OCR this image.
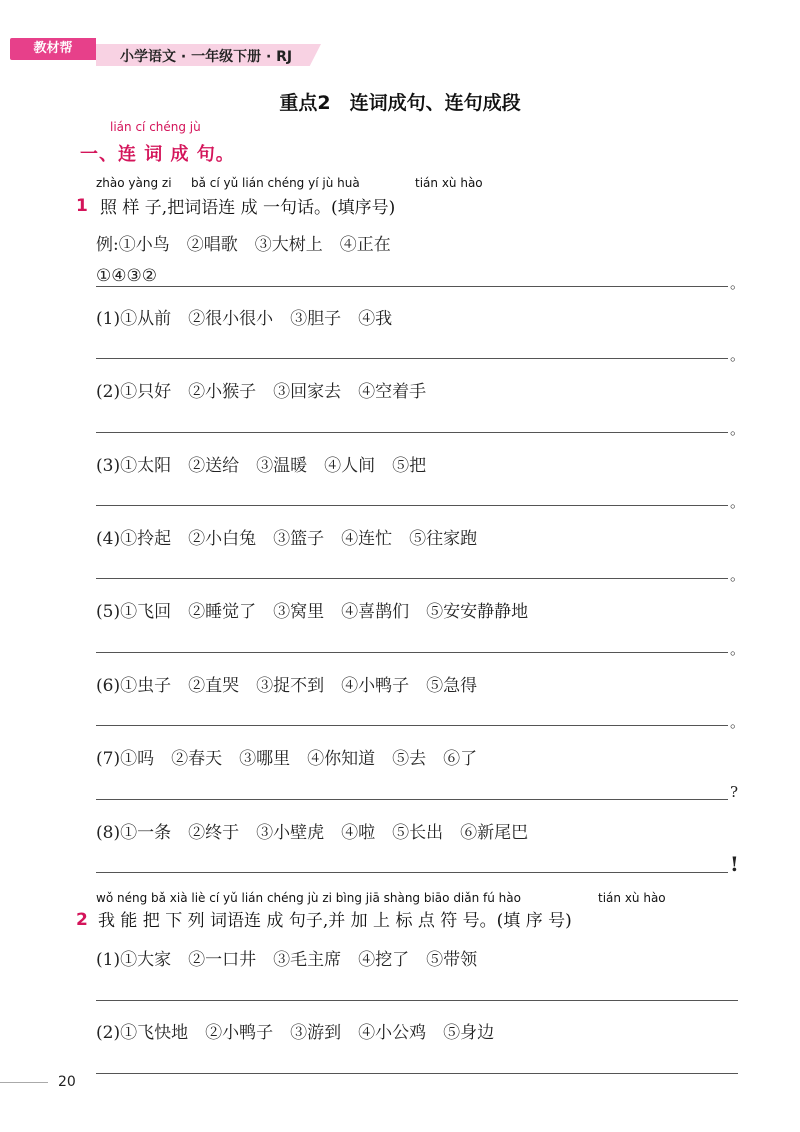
教材帮
小学语文 · 一年级下册 · RJ
重点2　连词成句、连句成段
lián cí chéng jù
一、连 词 成 句。
zhào yàng zi bǎ cí yǔ lián chéng yí jù huà	tián xù hào
1 照 样 子,把词语连 成 一句话。(填序号)
例:①小鸟　②唱歌　③大树上　④正在
①④③②	。
(1)①从前　②很小很小　③胆子　④我
。
(2)①只好　②小猴子　③回家去　④空着手
。
(3)①太阳　②送给　③温暖　④人间　⑤把
。
(4)①拎起　②小白兔　③篮子　④连忙　⑤往家跑
。
(5)①飞回　②睡觉了　③窝里　④喜鹊们　⑤安安静静地
。
(6)①虫子　②直哭　③捉不到　④小鸭子　⑤急得
。
(7)①吗　②春天　③哪里　④你知道　⑤去　⑥了
?
(8)①一条　②终于　③小壁虎　④啦　⑤长出　⑥新尾巴
!
wǒ néng bǎ xià liè cí yǔ lián chéng jù zi bìng jiā shàng biāo diǎn fú hào	tián xù hào
2 我 能 把 下 列 词语连 成 句子,并 加 上 标 点 符 号。(填 序 号)
(1)①大家　②一口井　③毛主席　④挖了　⑤带领
(2)①飞快地　②小鸭子　③游到　④小公鸡　⑤身边
20
